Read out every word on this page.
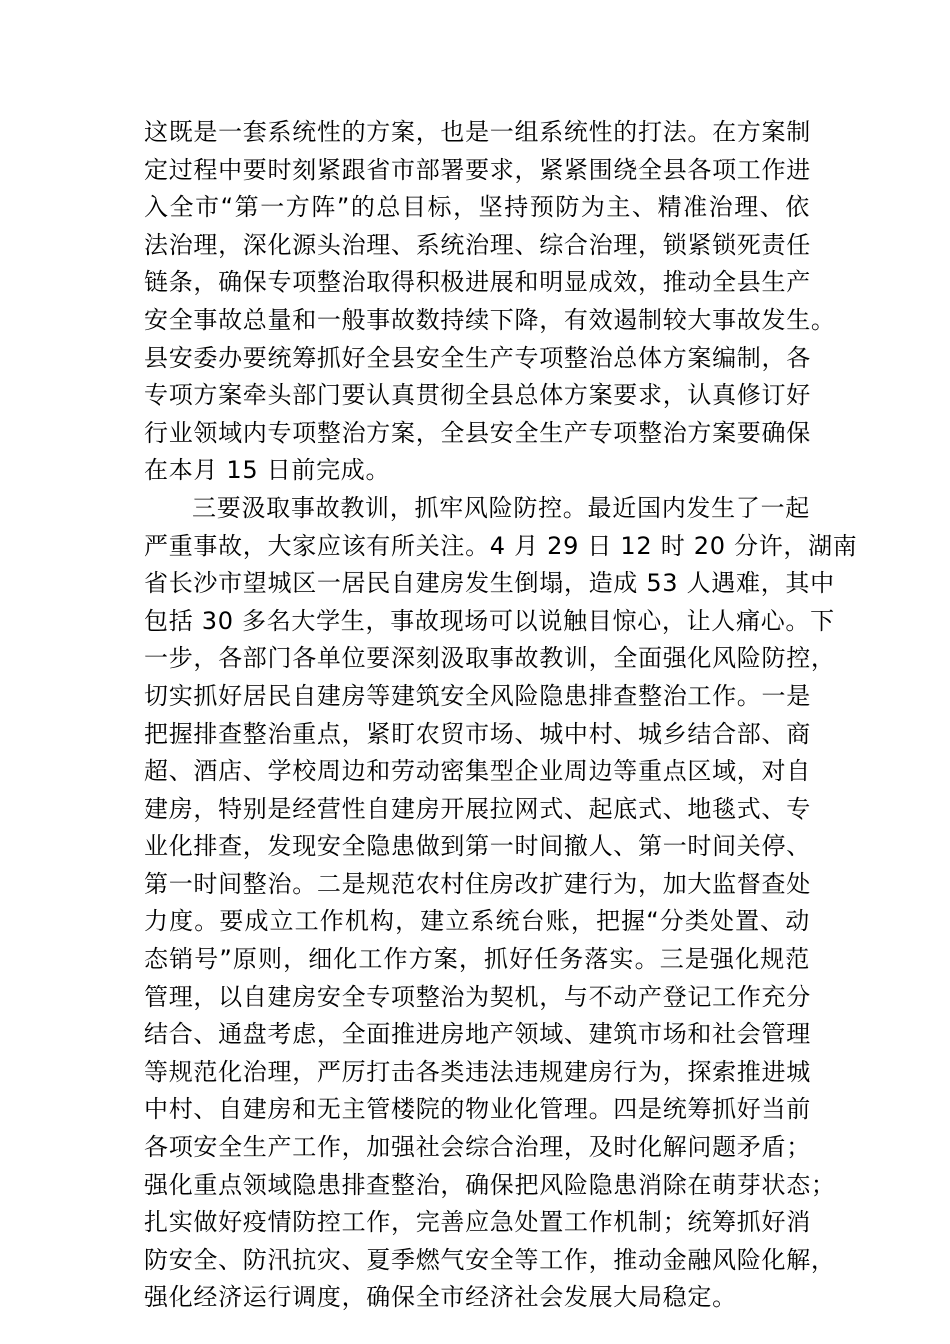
这既是一套系统性的方案，也是一组系统性的打法。在方案制
定过程中要时刻紧跟省市部署要求，紧紧围绕全县各项工作进
入全市“第一方阵”的总目标，坚持预防为主、精准治理、依
法治理，深化源头治理、系统治理、综合治理，锁紧锁死责任
链条，确保专项整治取得积极进展和明显成效，推动全县生产
安全事故总量和一般事故数持续下降，有效遏制较大事故发生。
县安委办要统筹抓好全县安全生产专项整治总体方案编制，各
专项方案牵头部门要认真贯彻全县总体方案要求，认真修订好
行业领域内专项整治方案，全县安全生产专项整治方案要确保
在本月 15 日前完成。
三要汲取事故教训，抓牢风险防控。最近国内发生了一起
严重事故，大家应该有所关注。4 月 29 日 12 时 20 分许，湖南
省长沙市望城区一居民自建房发生倒塌，造成 53 人遇难，其中
包括 30 多名大学生，事故现场可以说触目惊心，让人痛心。下
一步，各部门各单位要深刻汲取事故教训，全面强化风险防控，
切实抓好居民自建房等建筑安全风险隐患排查整治工作。一是
把握排查整治重点，紧盯农贸市场、城中村、城乡结合部、商
超、酒店、学校周边和劳动密集型企业周边等重点区域，对自
建房，特别是经营性自建房开展拉网式、起底式、地毯式、专
业化排查，发现安全隐患做到第一时间撤人、第一时间关停、
第一时间整治。二是规范农村住房改扩建行为，加大监督查处
力度。要成立工作机构，建立系统台账，把握“分类处置、动
态销号”原则，细化工作方案，抓好任务落实。三是强化规范
管理，以自建房安全专项整治为契机，与不动产登记工作充分
结合、通盘考虑，全面推进房地产领域、建筑市场和社会管理
等规范化治理，严厉打击各类违法违规建房行为，探索推进城
中村、自建房和无主管楼院的物业化管理。四是统筹抓好当前
各项安全生产工作，加强社会综合治理，及时化解问题矛盾；
强化重点领域隐患排查整治，确保把风险隐患消除在萌芽状态；
扎实做好疫情防控工作，完善应急处置工作机制；统筹抓好消
防安全、防汛抗灾、夏季燃气安全等工作，推动金融风险化解，
强化经济运行调度，确保全市经济社会发展大局稳定。
